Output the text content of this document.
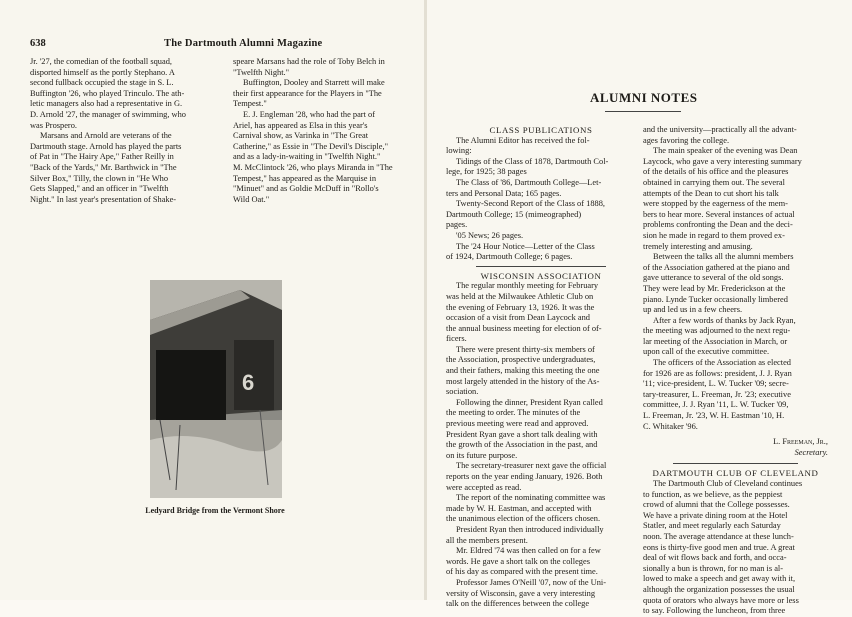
638	The Dartmouth Alumni Magazine
Jr. '27, the comedian of the football squad,
disported himself as the portly Stephano. A
second fullback occupied the stage in S. L.
Buffington '26, who played Trinculo. The ath-
letic managers also had a representative in G.
D. Arnold '27, the manager of swimming, who
was Prospero.
Marsans and Arnold are veterans of the
Dartmouth stage. Arnold has played the parts
of Pat in "The Hairy Ape," Father Reilly in
"Back of the Yards," Mr. Barthwick in "The
Silver Box," Tilly, the clown in "He Who
Gets Slapped," and an officer in "Twelfth
Night." In last year's presentation of Shake-
speare Marsans had the role of Toby Belch in
"Twelfth Night."
Buffington, Dooley and Starrett will make
their first appearance for the Players in "The
Tempest."
E. J. Engleman '28, who had the part of
Ariel, has appeared as Elsa in this year's
Carnival show, as Varinka in "The Great
Catherine," as Essie in "The Devil's Disciple,"
and as a lady-in-waiting in "Twelfth Night."
M. McClintock '26, who plays Miranda in "The
Tempest," has appeared as the Marquise in
"Minuet" and as Goldie McDuff in "Rollo's
Wild Oat."
6
Ledyard Bridge from the Vermont Shore
ALUMNI NOTES
CLASS PUBLICATIONS
The Alumni Editor has received the fol-
lowing:
Tidings of the Class of 1878, Dartmouth Col-
lege, for 1925; 38 pages
The Class of '86, Dartmouth College—Let-
ters and Personal Data; 165 pages.
Twenty-Second Report of the Class of 1888,
Dartmouth College; 15 (mimeographed)
pages.
'05 News; 26 pages.
The '24 Hour Notice—Letter of the Class
of 1924, Dartmouth College; 6 pages.
WISCONSIN ASSOCIATION
The regular monthly meeting for February
was held at the Milwaukee Athletic Club on
the evening of February 13, 1926. It was the
occasion of a visit from Dean Laycock and
the annual business meeting for election of of-
ficers.
There were present thirty-six members of
the Association, prospective undergraduates,
and their fathers, making this meeting the one
most largely attended in the history of the As-
sociation.
Following the dinner, President Ryan called
the meeting to order. The minutes of the
previous meeting were read and approved.
President Ryan gave a short talk dealing with
the growth of the Association in the past, and
on its future purpose.
The secretary-treasurer next gave the official
reports on the year ending January, 1926. Both
were accepted as read.
The report of the nominating committee was
made by W. H. Eastman, and accepted with
the unanimous election of the officers chosen.
President Ryan then introduced individually
all the members present.
Mr. Eldred '74 was then called on for a few
words. He gave a short talk on the colleges
of his day as compared with the present time.
Professor James O'Neill '07, now of the Uni-
versity of Wisconsin, gave a very interesting
talk on the differences between the college
and the university—practically all the advant-
ages favoring the college.
The main speaker of the evening was Dean
Laycock, who gave a very interesting summary
of the details of his office and the pleasures
obtained in carrying them out. The several
attempts of the Dean to cut short his talk
were stopped by the eagerness of the mem-
bers to hear more. Several instances of actual
problems confronting the Dean and the deci-
sion he made in regard to them proved ex-
tremely interesting and amusing.
Between the talks all the alumni members
of the Association gathered at the piano and
gave utterance to several of the old songs.
They were lead by Mr. Frederickson at the
piano. Lynde Tucker occasionally limbered
up and led us in a few cheers.
After a few words of thanks by Jack Ryan,
the meeting was adjourned to the next regu-
lar meeting of the Association in March, or
upon call of the executive committee.
The officers of the Association as elected
for 1926 are as follows: president, J. J. Ryan
'11; vice-president, L. W. Tucker '09; secre-
tary-treasurer, L. Freeman, Jr. '23; executive
committee, J. J. Ryan '11, L. W. Tucker '09,
L. Freeman, Jr. '23, W. H. Eastman '10, H.
C. Whitaker '96.
L. Freeman, Jr.,
Secretary.
DARTMOUTH CLUB OF CLEVELAND
The Dartmouth Club of Cleveland continues
to function, as we believe, as the peppiest
crowd of alumni that the College possesses.
We have a private dining room at the Hotel
Statler, and meet regularly each Saturday
noon. The average attendance at these lunch-
eons is thirty-five good men and true. A great
deal of wit flows back and forth, and occa-
sionally a bun is thrown, for no man is al-
lowed to make a speech and get away with it,
although the organization possesses the usual
quota of orators who always have more or less
to say. Following the luncheon, from three
